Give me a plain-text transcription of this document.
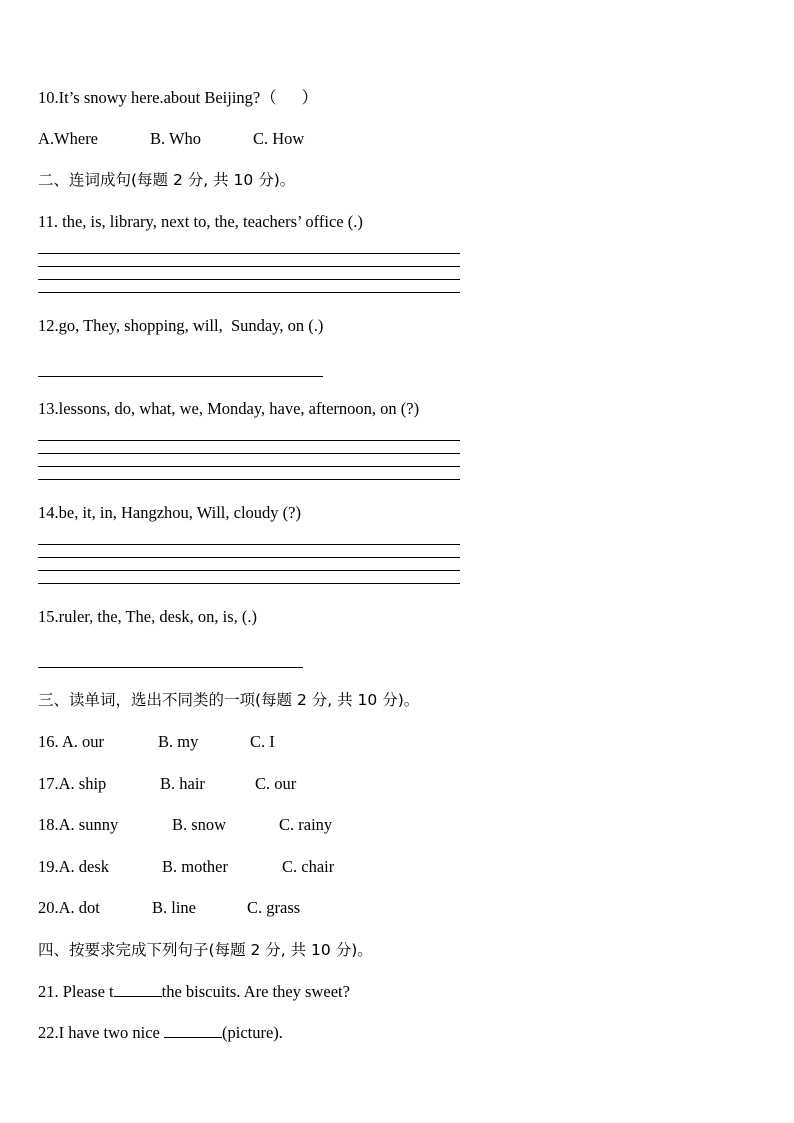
10.It’s snowy here.about Beijing?（　  ）

A.Where

	B. Who

	C. How

二、连词成句(每题 2 分, 共 10 分)。
11. the, is, library, next to, the, teachers’ office (.)
12.go, They, shopping, will,  Sunday, on (.)
13.lessons, do, what, we, Monday, have, afternoon, on (?)
14.be, it, in, Hangzhou, Will, cloudy (?)
15.ruler, the, The, desk, on, is, (.)
三、读单词，选出不同类的一项(每题 2 分, 共 10 分)。

16. A. our

	B. my

	C. I

17.A. ship

	B. hair

	C. our

18.A. sunny

	B. snow

	C. rainy

19.A. desk

	B. mother

	C. chair

20.A. dot

	B. line

	C. grass

四、按要求完成下列句子(每题 2 分, 共 10 分)。
21. Please t	the biscuits. Are they sweet?
22.I have two nice	(picture).
